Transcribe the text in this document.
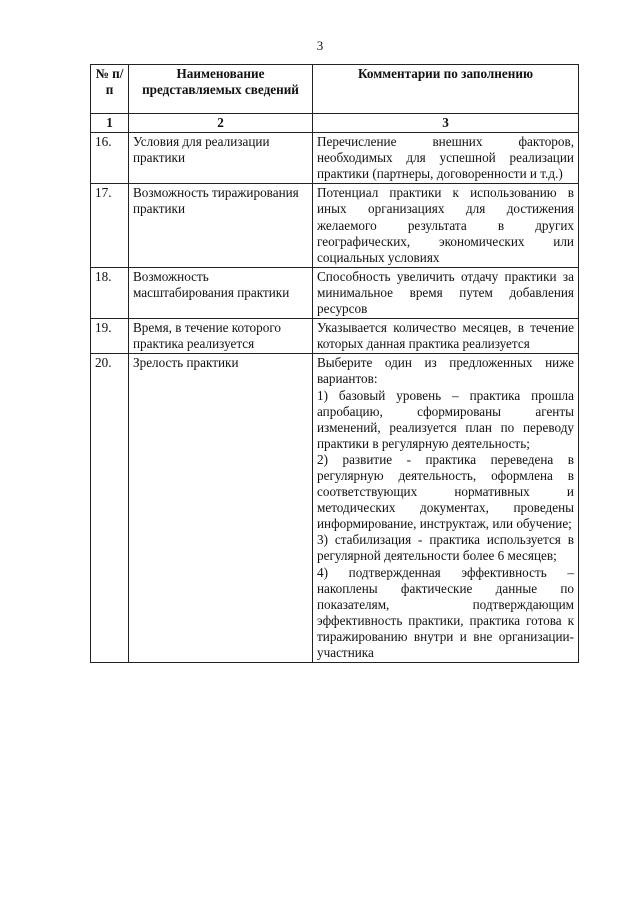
3
№ п/п	Наименование представляемых сведений	Комментарии по заполнению
1	2	3
16.	Условия для реализации практики	Перечисление внешних факторов, необходимых для успешной реализации практики (партнеры, договоренности и т.д.)
17.	Возможность тиражирования практики	Потенциал практики к использованию в иных организациях для достижения желаемого результата в других географических, экономических или социальных условиях
18.	Возможность масштабирования практики	Способность увеличить отдачу практики за минимальное время путем добавления ресурсов
19.	Время, в течение которого практика реализуется	Указывается количество месяцев, в течение которых данная практика реализуется
20.	Зрелость практики	Выберите один из предложенных ниже вариантов:
1) базовый уровень – практика прошла апробацию, сформированы агенты изменений, реализуется план по переводу практики в регулярную деятельность;
2) развитие - практика переведена в регулярную деятельность, оформлена в соответствующих нормативных и методических документах, проведены информирование, инструктаж, или обучение;
3) стабилизация - практика используется в регулярной деятельности более 6 месяцев;
4) подтвержденная эффективность – накоплены фактические данные по показателям, подтверждающим эффективность практики, практика готова к тиражированию внутри и вне организации-участника
